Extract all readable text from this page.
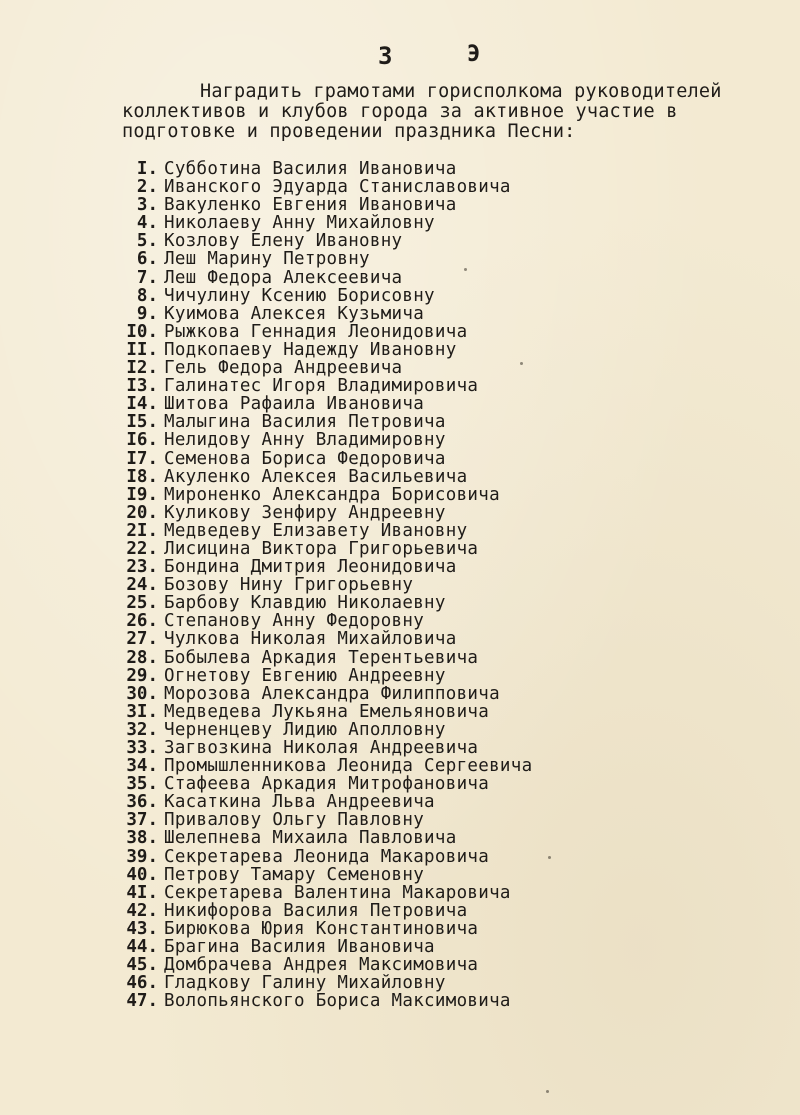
3	Э
Наградить грамотами горисполкома руководителей
коллективов и клубов города за активное участие в
подготовке и проведении праздника Песни:
I. Субботина Василия Ивановича
2. Иванского Эдуарда Станиславовича
3. Вакуленко Евгения Ивановича
4. Николаеву Анну Михайловну
5. Козлову Елену Ивановну
6. Леш Марину Петровну
7. Леш Федора Алексеевича
8. Чичулину Ксению Борисовну
9. Куимова Алексея Кузьмича
I0. Рыжкова Геннадия Леонидовича
II. Подкопаеву Надежду Ивановну
I2. Гель Федора Андреевича
I3. Галинатес Игоря Владимировича
I4. Шитова Рафаила Ивановича
I5. Малыгина Василия Петровича
I6. Нелидову Анну Владимировну
I7. Семенова Бориса Федоровича
I8. Акуленко Алексея Васильевича
I9. Мироненко Александра Борисовича
20. Куликову Зенфиру Андреевну
2I. Медведеву Елизавету Ивановну
22. Лисицина Виктора Григорьевича
23. Бондина Дмитрия Леонидовича
24. Бозову Нину Григорьевну
25. Барбову Клавдию Николаевну
26. Степанову Анну Федоровну
27. Чулкова Николая Михайловича
28. Бобылева Аркадия Терентьевича
29. Огнетову Евгению Андреевну
30. Морозова Александра Филипповича
3I. Медведева Лукьяна Емельяновича
32. Черненцеву Лидию Аполловну
33. Загвозкина Николая Андреевича
34. Промышленникова Леонида Сергеевича
35. Стафеева Аркадия Митрофановича
36. Касаткина Льва Андреевича
37. Привалову Ольгу Павловну
38. Шелепнева Михаила Павловича
39. Секретарева Леонида Макаровича
40. Петрову Тамару Семеновну
4I. Секретарева Валентина Макаровича
42. Никифорова Василия Петровича
43. Бирюкова Юрия Константиновича
44. Брагина Василия Ивановича
45. Домбрачева Андрея Максимовича
46. Гладкову Галину Михайловну
47. Волопьянского Бориса Максимовича
